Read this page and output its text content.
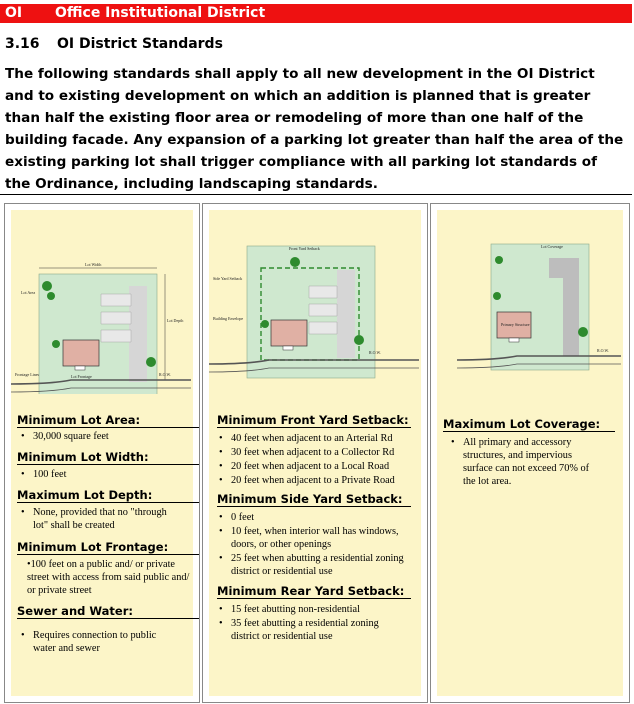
OI Office Institutional District
3.16 OI District Standards
The following standards shall apply to all new development in the OI District and to existing development on which an addition is planned that is greater than half the existing floor area or remodeling of more than one half of the building facade. Any expansion of a parking lot greater than half the area of the existing parking lot shall trigger compliance with all parking lot standards of the Ordinance, including landscaping standards.
Lot Width
Lot Area
Lot Depth
Frontage Lines	Lot Frontage	R.O.W.
Minimum Lot Area:
• 30,000 square feet
Minimum Lot Width:
• 100 feet
Maximum Lot Depth:
• None, provided that no "through lot" shall be created
Minimum Lot Frontage:
•100 feet on a public and/ or private street with access from said public and/ or private street
Sewer and Water:
• Requires connection to public water and sewer
Front Yard Setback
Side Yard Setback
Building Envelope
R.O.W.
Minimum Front Yard Setback:
• 40 feet when adjacent to an Arterial Rd
• 30 feet when adjacent to a Collector Rd
• 20 feet when adjacent to a Local Road
• 20 feet when adjacent to a Private Road
Minimum Side Yard Setback:
• 0 feet
• 10 feet, when interior wall has windows, doors, or other openings
• 25 feet when abutting a residential zoning district or residential use
Minimum Rear Yard Setback:
• 15 feet abutting non-residential
• 35 feet abutting a residential zoning district or residential use
Lot Coverage
Primary Structure
R.O.W.
Maximum Lot Coverage:
• All primary and accessory structures, and impervious surface can not exceed 70% of the lot area.
